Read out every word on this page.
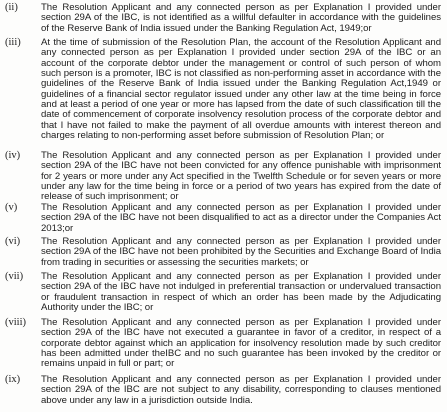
(ii) The Resolution Applicant and any connected person as per Explanation I provided under section 29A of the IBC, is not identified as a willful defaulter in accordance with the guidelines of the Reserve Bank of India issued under the Banking Regulation Act, 1949;or
(iii) At the time of submission of the Resolution Plan, the account of the Resolution Applicant and any connected person as per Explanation I provided under section 29A of the IBC or an account of the corporate debtor under the management or control of such person of whom such person is a promoter, IBC is not classified as non-performing asset in accordance with the guidelines of the Reserve Bank of India issued under the Banking Regulation Act,1949 or guidelines of a financial sector regulator issued under any other law at the time being in force and at least a period of one year or more has lapsed from the date of such classification till the date of commencement of corporate insolvency resolution process of the corporate debtor and that I have not failed to make the payment of all overdue amounts with interest thereon and charges relating to non-performing asset before submission of Resolution Plan; or
(iv) The Resolution Applicant and any connected person as per Explanation I provided under section 29A of the IBC have not been convicted for any offence punishable with imprisonment for 2 years or more under any Act specified in the Twelfth Schedule or for seven years or more under any law for the time being in force or a period of two years has expired from the date of release of such imprisonment; or
(v) The Resolution Applicant and any connected person as per Explanation I provided under section 29A of the IBC have not been disqualified to act as a director under the Companies Act 2013;or
(vi) The Resolution Applicant and any connected person as per Explanation I provided under section 29A of the IBC have not been prohibited by the Securities and Exchange Board of India from trading in securities or assessing the securities markets; or
(vii) The Resolution Applicant and any connected person as per Explanation I provided under section 29A of the IBC have not indulged in preferential transaction or undervalued transaction or fraudulent transaction in respect of which an order has been made by the Adjudicating Authority under the IBC; or
(viii) The Resolution Applicant and any connected person as per Explanation I provided under section 29A of the IBC have not executed a guarantee in favor of a creditor, in respect of a corporate debtor against which an application for insolvency resolution made by such creditor has been admitted under theIBC and no such guarantee has been invoked by the creditor or remains unpaid in full or part; or
(ix) The Resolution Applicant and any connected person as per Explanation I provided under section 29A of the IBC are not subject to any disability, corresponding to clauses mentioned above under any law in a jurisdiction outside India.
